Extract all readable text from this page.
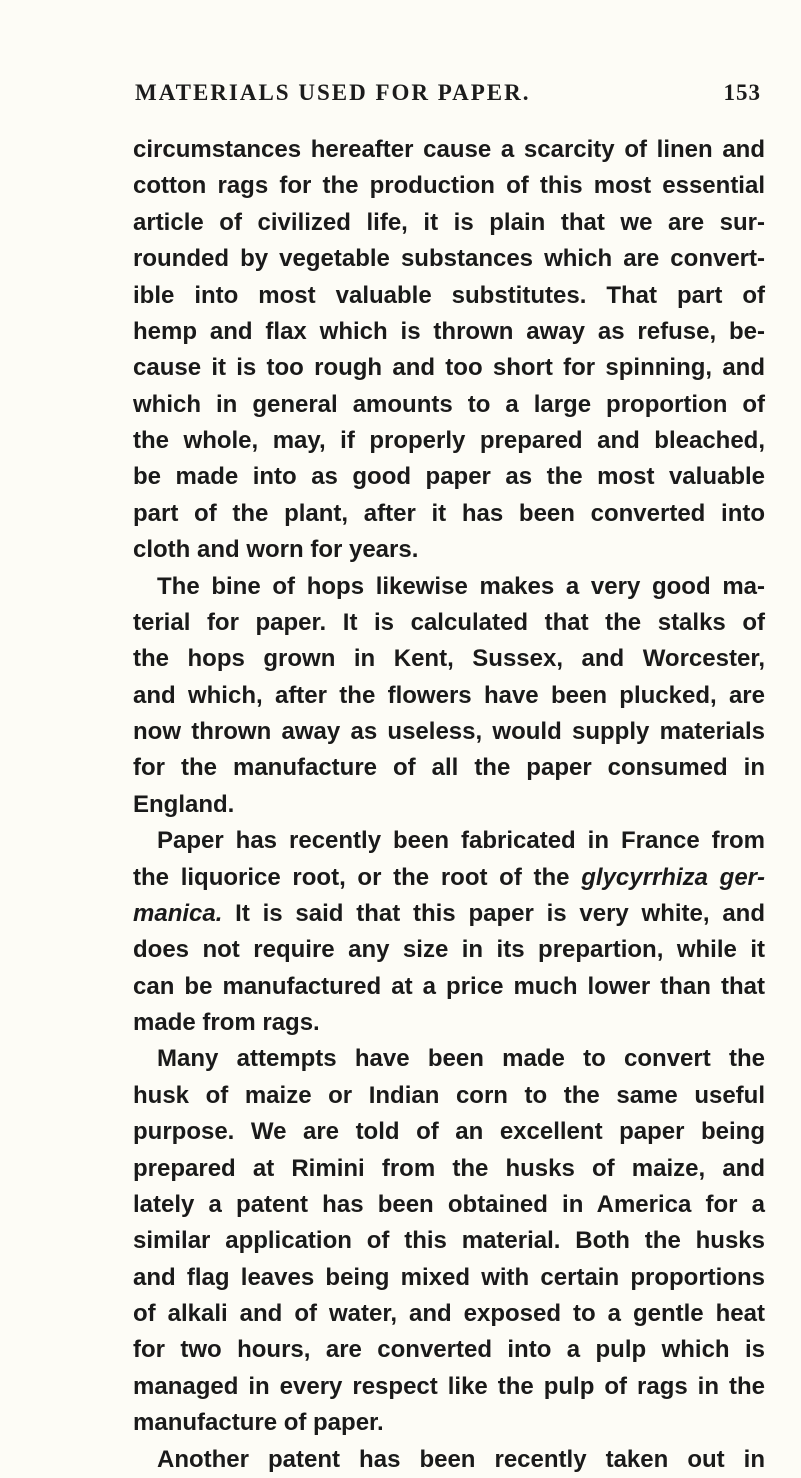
MATERIALS USED FOR PAPER.	153
circumstances hereafter cause a scarcity of linen and
cotton rags for the production of this most essential
article of civilized life, it is plain that we are sur-
rounded by vegetable substances which are convert-
ible into most valuable substitutes. That part of
hemp and flax which is thrown away as refuse, be-
cause it is too rough and too short for spinning, and
which in general amounts to a large proportion of
the whole, may, if properly prepared and bleached,
be made into as good paper as the most valuable
part of the plant, after it has been converted into
cloth and worn for years.
The bine of hops likewise makes a very good ma-
terial for paper. It is calculated that the stalks of
the hops grown in Kent, Sussex, and Worcester,
and which, after the flowers have been plucked, are
now thrown away as useless, would supply materials
for the manufacture of all the paper consumed in
England.
Paper has recently been fabricated in France from
the liquorice root, or the root of the glycyrrhiza ger-
manica. It is said that this paper is very white, and
does not require any size in its prepartion, while it
can be manufactured at a price much lower than that
made from rags.
Many attempts have been made to convert the
husk of maize or Indian corn to the same useful
purpose. We are told of an excellent paper being
prepared at Rimini from the husks of maize, and
lately a patent has been obtained in America for a
similar application of this material. Both the husks
and flag leaves being mixed with certain proportions
of alkali and of water, and exposed to a gentle heat
for two hours, are converted into a pulp which is
managed in every respect like the pulp of rags in the
manufacture of paper.
Another patent has been recently taken out in
